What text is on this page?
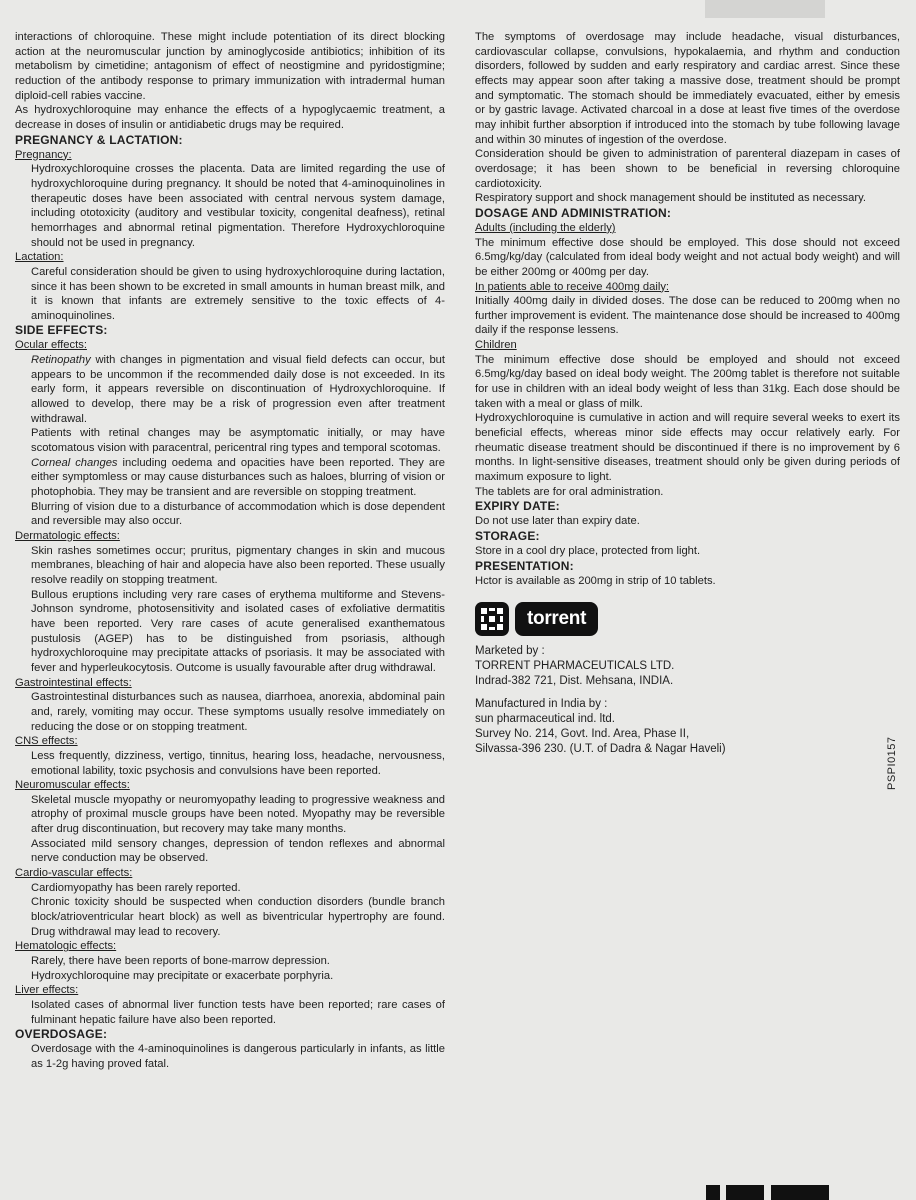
interactions of chloroquine. These might include potentiation of its direct blocking action at the neuromuscular junction by aminoglycoside antibiotics; inhibition of its metabolism by cimetidine; antagonism of effect of neostigmine and pyridostigmine; reduction of the antibody response to primary immunization with intradermal human diploid-cell rabies vaccine.

As hydroxychloroquine may enhance the effects of a hypoglycaemic treatment, a decrease in doses of insulin or antidiabetic drugs may be required.

PREGNANCY & LACTATION:
Pregnancy:

Hydroxychloroquine crosses the placenta. Data are limited regarding the use of hydroxychloroquine during pregnancy. It should be noted that 4-aminoquinolines in therapeutic doses have been associated with central nervous system damage, including ototoxicity (auditory and vestibular toxicity, congenital deafness), retinal hemorrhages and abnormal retinal pigmentation. Therefore Hydroxychloroquine should not be used in pregnancy.

Lactation:

Careful consideration should be given to using hydroxychloroquine during lactation, since it has been shown to be excreted in small amounts in human breast milk, and it is known that infants are extremely sensitive to the toxic effects of 4-aminoquinolines.

SIDE EFFECTS:
Ocular effects:

Retinopathy with changes in pigmentation and visual field defects can occur, but appears to be uncommon if the recommended daily dose is not exceeded. In its early form, it appears reversible on discontinuation of Hydroxychloroquine. If allowed to develop, there may be a risk of progression even after treatment withdrawal.

Patients with retinal changes may be asymptomatic initially, or may have scotomatous vision with paracentral, pericentral ring types and temporal scotomas.

Corneal changes including oedema and opacities have been reported. They are either symptomless or may cause disturbances such as haloes, blurring of vision or photophobia. They may be transient and are reversible on stopping treatment.

Blurring of vision due to a disturbance of accommodation which is dose dependent and reversible may also occur.

Dermatologic effects:

Skin rashes sometimes occur; pruritus, pigmentary changes in skin and mucous membranes, bleaching of hair and alopecia have also been reported. These usually resolve readily on stopping treatment.

Bullous eruptions including very rare cases of erythema multiforme and Stevens-Johnson syndrome, photosensitivity and isolated cases of exfoliative dermatitis have been reported. Very rare cases of acute generalised exanthematous pustulosis (AGEP) has to be distinguished from psoriasis, although hydroxychloroquine may precipitate attacks of psoriasis. It may be associated with fever and hyperleukocytosis. Outcome is usually favourable after drug withdrawal.

Gastrointestinal effects:

Gastrointestinal disturbances such as nausea, diarrhoea, anorexia, abdominal pain and, rarely, vomiting may occur. These symptoms usually resolve immediately on reducing the dose or on stopping treatment.

CNS effects:

Less frequently, dizziness, vertigo, tinnitus, hearing loss, headache, nervousness, emotional lability, toxic psychosis and convulsions have been reported.

Neuromuscular effects:

Skeletal muscle myopathy or neuromyopathy leading to progressive weakness and atrophy of proximal muscle groups have been noted. Myopathy may be reversible after drug discontinuation, but recovery may take many months.

Associated mild sensory changes, depression of tendon reflexes and abnormal nerve conduction may be observed.

Cardio-vascular effects:

Cardiomyopathy has been rarely reported.

Chronic toxicity should be suspected when conduction disorders (bundle branch block/atrioventricular heart block) as well as biventricular hypertrophy are found. Drug withdrawal may lead to recovery.

Hematologic effects:

Rarely, there have been reports of bone-marrow depression.

Hydroxychloroquine may precipitate or exacerbate porphyria.

Liver effects:

Isolated cases of abnormal liver function tests have been reported; rare cases of fulminant hepatic failure have also been reported.

OVERDOSAGE:

Overdosage with the 4-aminoquinolines is dangerous particularly in infants, as little as 1-2g having proved fatal.

The symptoms of overdosage may include headache, visual disturbances, cardiovascular collapse, convulsions, hypokalaemia, and rhythm and conduction disorders, followed by sudden and early respiratory and cardiac arrest. Since these effects may appear soon after taking a massive dose, treatment should be prompt and symptomatic. The stomach should be immediately evacuated, either by emesis or by gastric lavage. Activated charcoal in a dose at least five times of the overdose may inhibit further absorption if introduced into the stomach by tube following lavage and within 30 minutes of ingestion of the overdose.

Consideration should be given to administration of parenteral diazepam in cases of overdosage; it has been shown to be beneficial in reversing chloroquine cardiotoxicity.

Respiratory support and shock management should be instituted as necessary.

DOSAGE AND ADMINISTRATION:
Adults (including the elderly)

The minimum effective dose should be employed. This dose should not exceed 6.5mg/kg/day (calculated from ideal body weight and not actual body weight) and will be either 200mg or 400mg per day.

In patients able to receive 400mg daily:

Initially 400mg daily in divided doses. The dose can be reduced to 200mg when no further improvement is evident. The maintenance dose should be increased to 400mg daily if the response lessens.

Children

The minimum effective dose should be employed and should not exceed 6.5mg/kg/day based on ideal body weight. The 200mg tablet is therefore not suitable for use in children with an ideal body weight of less than 31kg. Each dose should be taken with a meal or glass of milk.

Hydroxychloroquine is cumulative in action and will require several weeks to exert its beneficial effects, whereas minor side effects may occur relatively early. For rheumatic disease treatment should be discontinued if there is no improvement by 6 months. In light-sensitive diseases, treatment should only be given during periods of maximum exposure to light.

The tablets are for oral administration.

EXPIRY DATE:

Do not use later than expiry date.

STORAGE:

Store in a cool dry place, protected from light.

PRESENTATION:

Hctor is available as 200mg in strip of 10 tablets.

torrent

Marketed by :

TORRENT PHARMACEUTICALS LTD.

Indrad-382 721, Dist. Mehsana, INDIA.

Manufactured in India by :

sun pharmaceutical ind. ltd.

Survey No. 214, Govt. Ind. Area, Phase II,

Silvassa-396 230. (U.T. of Dadra & Nagar Haveli)	PSPI0157
